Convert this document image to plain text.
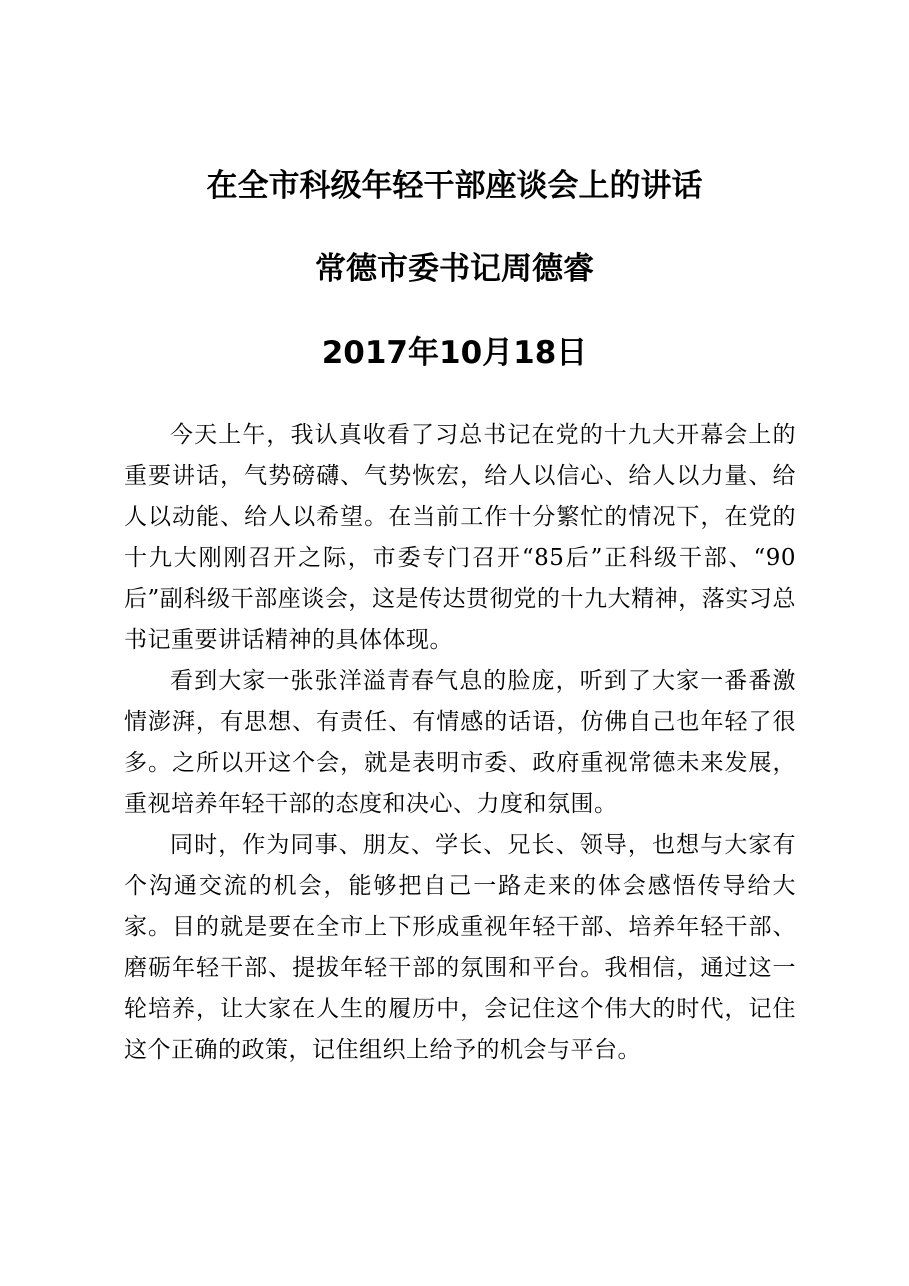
在全市科级年轻干部座谈会上的讲话
常德市委书记周德睿
2017年10月18日

今天上午，我认真收看了习总书记在党的十九大开幕会上的重要讲话，气势磅礴、气势恢宏，给人以信心、给人以力量、给人以动能、给人以希望。在当前工作十分繁忙的情况下，在党的十九大刚刚召开之际，市委专门召开“85后”正科级干部、“90后”副科级干部座谈会，这是传达贯彻党的十九大精神，落实习总书记重要讲话精神的具体体现。

看到大家一张张洋溢青春气息的脸庞，听到了大家一番番激情澎湃，有思想、有责任、有情感的话语，仿佛自己也年轻了很多。之所以开这个会，就是表明市委、政府重视常德未来发展，重视培养年轻干部的态度和决心、力度和氛围。

同时，作为同事、朋友、学长、兄长、领导，也想与大家有个沟通交流的机会，能够把自己一路走来的体会感悟传导给大家。目的就是要在全市上下形成重视年轻干部、培养年轻干部、磨砺年轻干部、提拔年轻干部的氛围和平台。我相信，通过这一轮培养，让大家在人生的履历中，会记住这个伟大的时代，记住这个正确的政策，记住组织上给予的机会与平台。
